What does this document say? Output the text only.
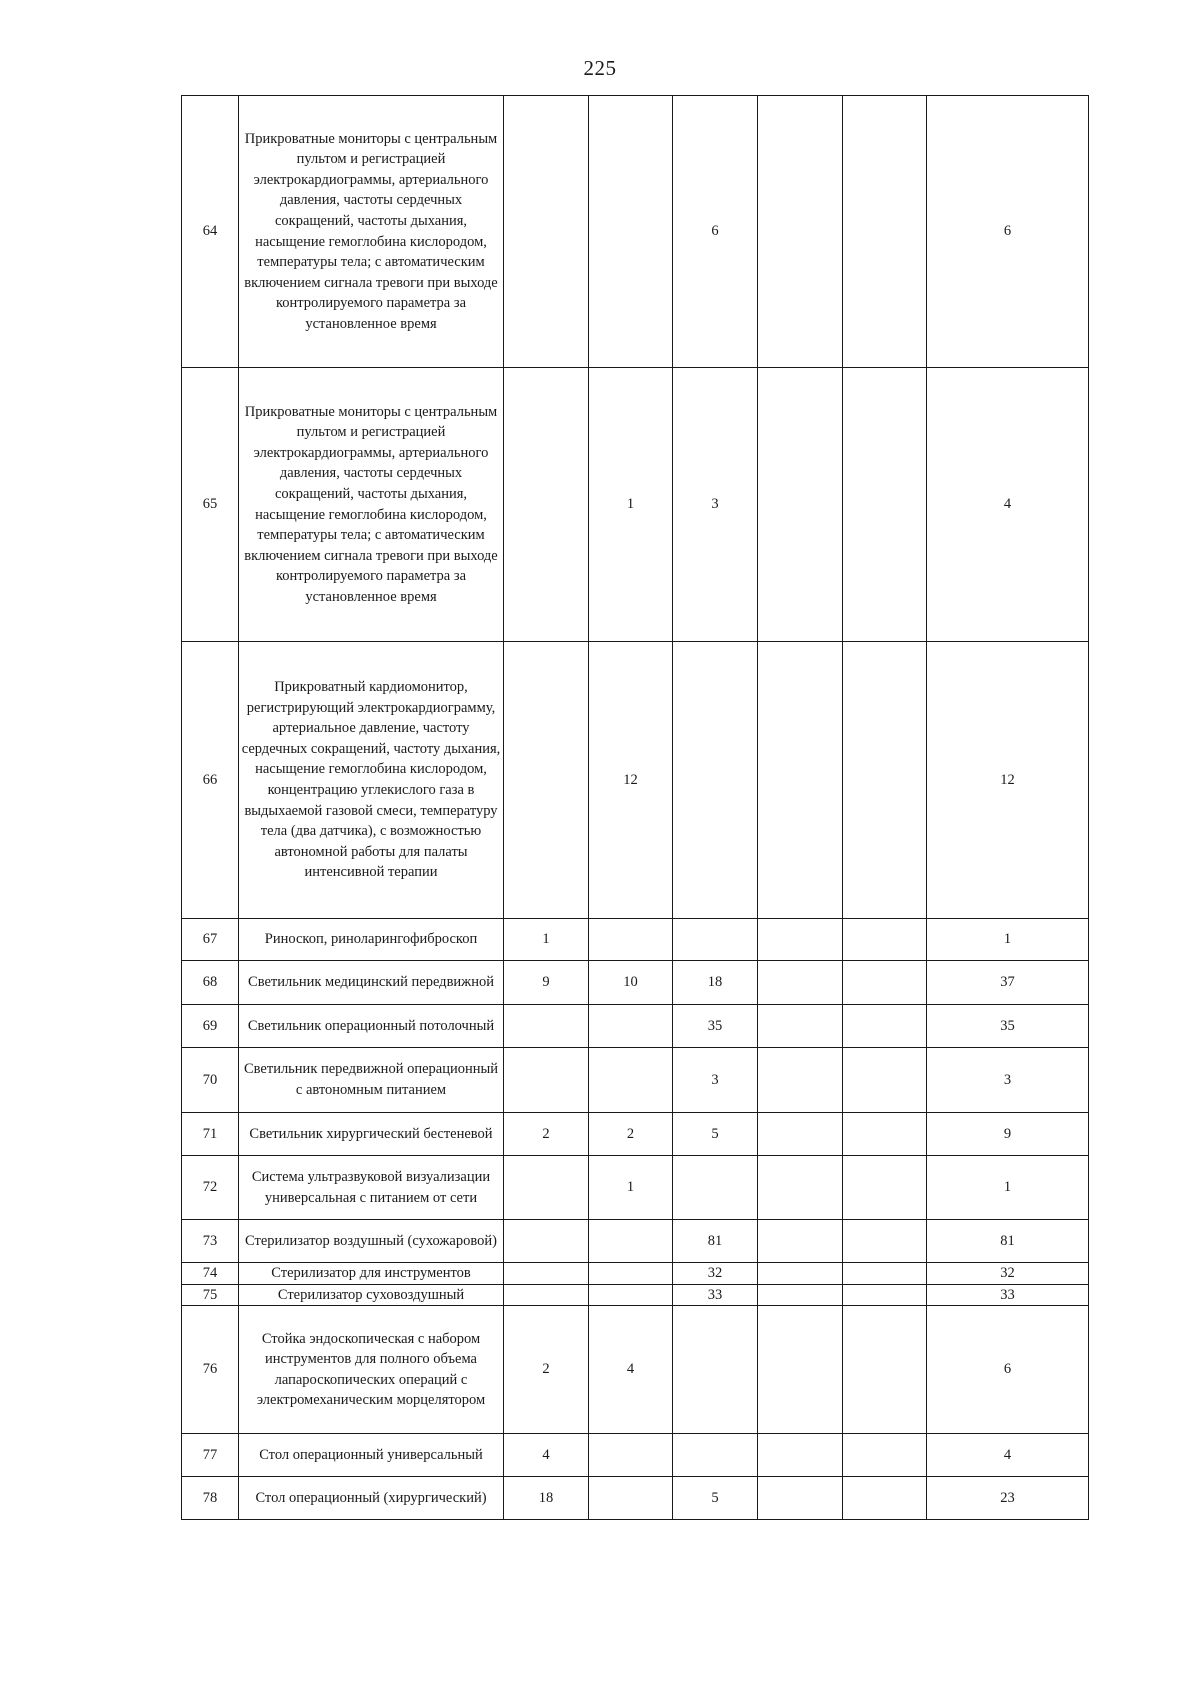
225
64	Прикроватные мониторы с центральным пультом и регистрацией электрокардиограммы, артериального давления, частоты сердечных сокращений, частоты дыхания, насыщение гемоглобина кислородом, температуры тела; с автоматическим включением сигнала тревоги при выходе контролируемого параметра за установленное время			6			6
65	Прикроватные мониторы с центральным пультом и регистрацией электрокардиограммы, артериального давления, частоты сердечных сокращений, частоты дыхания, насыщение гемоглобина кислородом, температуры тела; с автоматическим включением сигнала тревоги при выходе контролируемого параметра за установленное время		1	3			4
66	Прикроватный кардиомонитор, регистрирующий электрокардиограмму, артериальное давление, частоту сердечных сокращений, частоту дыхания, насыщение гемоглобина кислородом, концентрацию углекислого газа в выдыхаемой газовой смеси, температуру тела (два датчика), с возможностью автономной работы для палаты интенсивной терапии		12				12
67	Риноскоп, риноларингофиброскоп	1					1
68	Светильник медицинский передвижной	9	10	18			37
69	Светильник операционный потолочный			35			35
70	Светильник передвижной операционный с автономным питанием			3			3
71	Светильник хирургический бестеневой	2	2	5			9
72	Система ультразвуковой визуализации универсальная с питанием от сети		1				1
73	Стерилизатор воздушный (сухожаровой)			81			81
74	Стерилизатор для инструментов			32			32
75	Стерилизатор суховоздушный			33			33
76	Стойка эндоскопическая с набором инструментов для полного объема лапароскопических операций с электромеханическим морцелятором	2	4				6
77	Стол операционный универсальный	4					4
78	Стол операционный (хирургический)	18		5			23
